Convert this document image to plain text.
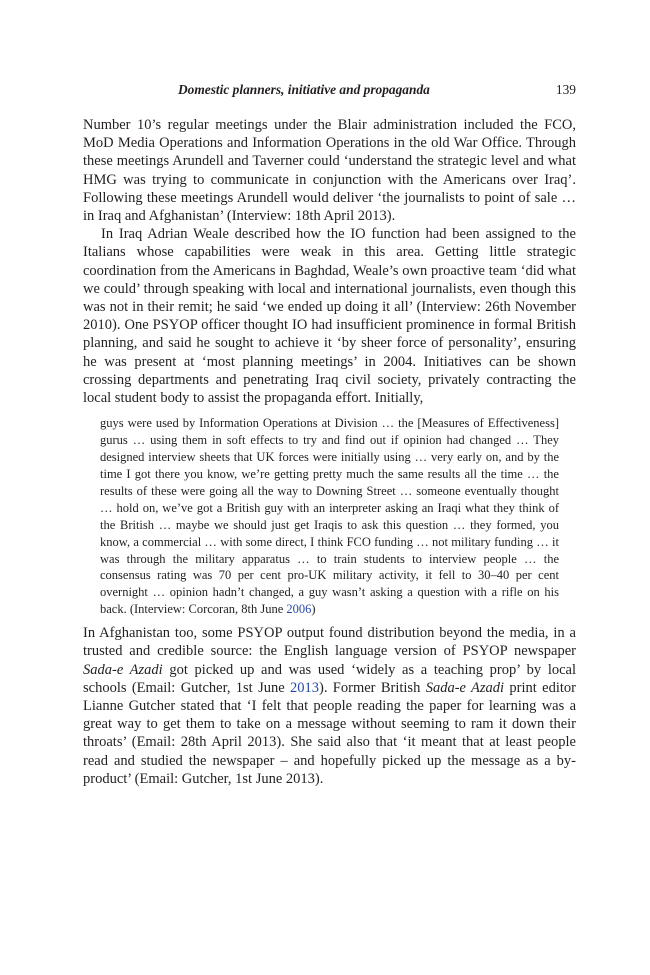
Domestic planners, initiative and propaganda	139

Number 10’s regular meetings under the Blair administration included the FCO, MoD Media Operations and Information Operations in the old War Office. Through these meetings Arundell and Taverner could ‘understand the strategic level and what HMG was trying to communicate in conjunction with the Americans over Iraq’. Following these meetings Arundell would deliver ‘the journalists to point of sale … in Iraq and Afghanistan’ (Interview: 18th April 2013).

In Iraq Adrian Weale described how the IO function had been assigned to the Italians whose capabilities were weak in this area. Getting little strategic coordination from the Americans in Baghdad, Weale’s own proactive team ‘did what we could’ through speaking with local and international journalists, even though this was not in their remit; he said ‘we ended up doing it all’ (Interview: 26th November 2010). One PSYOP officer thought IO had insufficient prominence in formal British planning, and said he sought to achieve it ‘by sheer force of personality’, ensuring he was present at ‘most planning meetings’ in 2004. Initiatives can be shown crossing departments and penetrating Iraq civil society, privately contracting the local student body to assist the propaganda effort. Initially,

guys were used by Information Operations at Division … the [Measures of Effectiveness] gurus … using them in soft effects to try and find out if opinion had changed … They designed interview sheets that UK forces were initially using … very early on, and by the time I got there you know, we’re getting pretty much the same results all the time … the results of these were going all the way to Downing Street … someone eventually thought … hold on, we’ve got a British guy with an interpreter asking an Iraqi what they think of the British … maybe we should just get Iraqis to ask this question … they formed, you know, a commercial … with some direct, I think FCO funding … not military funding … it was through the military apparatus … to train students to interview people … the consensus rating was 70 per cent pro-UK military activity, it fell to 30–40 per cent overnight … opinion hadn’t changed, a guy wasn’t asking a question with a rifle on his back. (Interview: Corcoran, 8th June 2006)

In Afghanistan too, some PSYOP output found distribution beyond the media, in a trusted and credible source: the English language version of PSYOP newspaper Sada-e Azadi got picked up and was used ‘widely as a teaching prop’ by local schools (Email: Gutcher, 1st June 2013). Former British Sada-e Azadi print editor Lianne Gutcher stated that ‘I felt that people reading the paper for learning was a great way to get them to take on a message without seeming to ram it down their throats’ (Email: 28th April 2013). She said also that ‘it meant that at least people read and studied the newspaper – and hopefully picked up the message as a by-product’ (Email: Gutcher, 1st June 2013).
